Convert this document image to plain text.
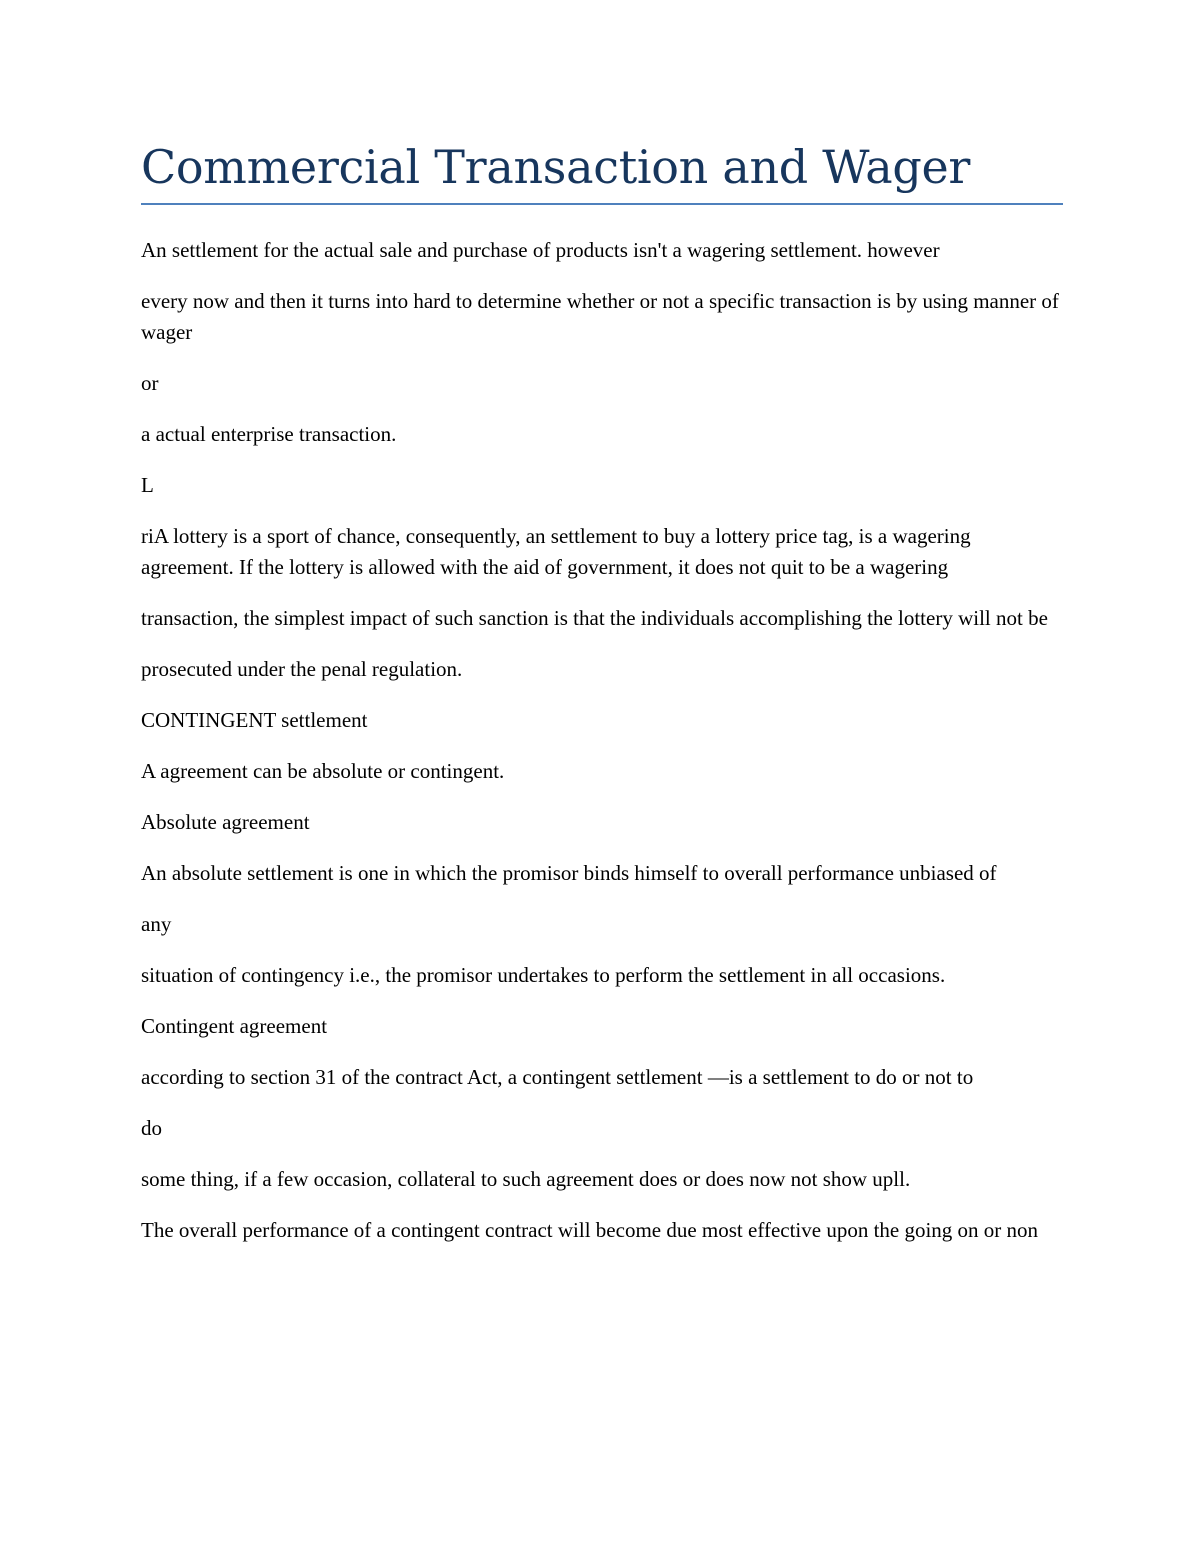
Commercial Transaction and Wager

An settlement for the actual sale and purchase of products isn't a wagering settlement. however

every now and then it turns into hard to determine whether or not a specific transaction is by using manner of wager

or

a actual enterprise transaction.

L

riA lottery is a sport of chance, consequently, an settlement to buy a lottery price tag, is a wagering agreement. If the lottery is allowed with the aid of government, it does not quit to be a wagering

transaction, the simplest impact of such sanction is that the individuals accomplishing the lottery will not be

prosecuted under the penal regulation.

CONTINGENT settlement

A agreement can be absolute or contingent.

Absolute agreement

An absolute settlement is one in which the promisor binds himself to overall performance unbiased of

any

situation of contingency i.e., the promisor undertakes to perform the settlement in all occasions.

Contingent agreement

according to section 31 of the contract Act, a contingent settlement —is a settlement to do or not to

do

some thing, if a few occasion, collateral to such agreement does or does now not show upll.

The overall performance of a contingent contract will become due most effective upon the going on or non
